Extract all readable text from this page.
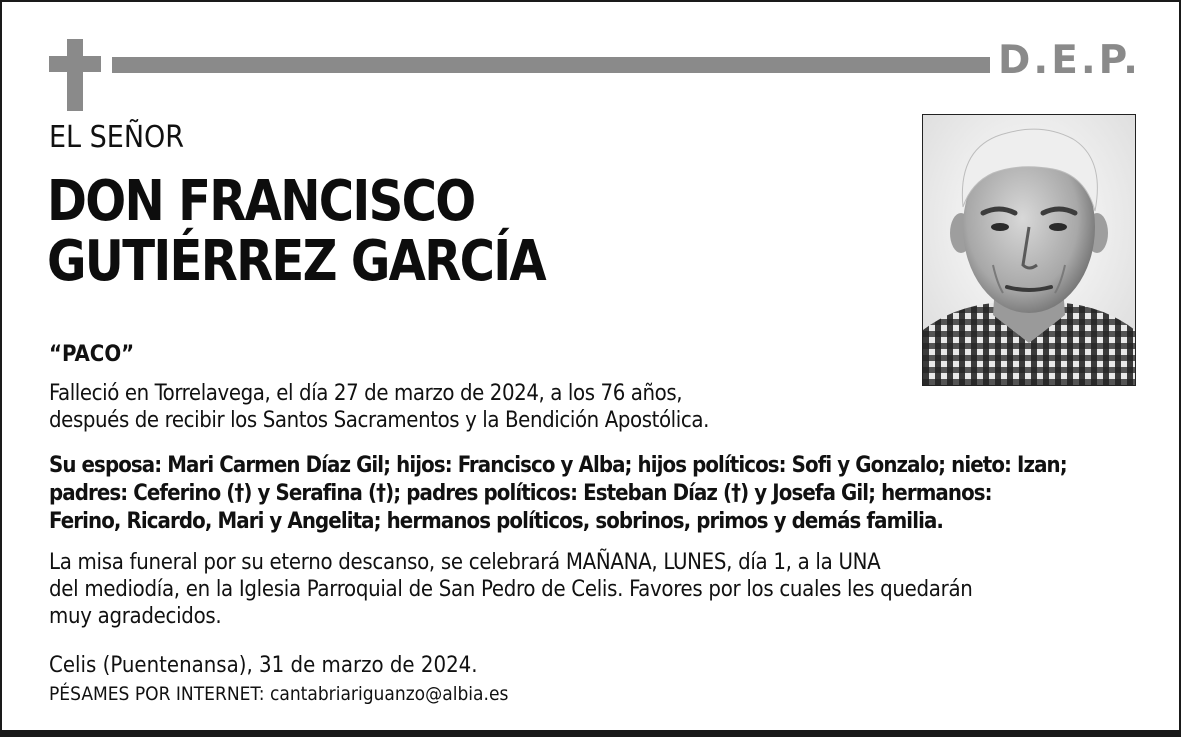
D.E.P.
EL SEÑOR
DON FRANCISCO
GUTIÉRREZ GARCÍA
“PACO”

Falleció en Torrelavega, el día 27 de marzo de 2024, a los 76 años,
después de recibir los Santos Sacramentos y la Bendición Apostólica.

Su esposa: Mari Carmen Díaz Gil; hijos: Francisco y Alba; hijos políticos: Sofi y Gonzalo; nieto: Izan;
padres: Ceferino (†) y Serafina (†); padres políticos: Esteban Díaz (†) y Josefa Gil; hermanos:
Ferino, Ricardo, Mari y Angelita; hermanos políticos, sobrinos, primos y demás familia.

La misa funeral por su eterno descanso, se celebrará MAÑANA, LUNES, día 1, a la UNA
del mediodía, en la Iglesia Parroquial de San Pedro de Celis. Favores por los cuales les quedarán
muy agradecidos.

Celis (Puentenansa), 31 de marzo de 2024.

PÉSAMES POR INTERNET: cantabriariguanzo@albia.es
